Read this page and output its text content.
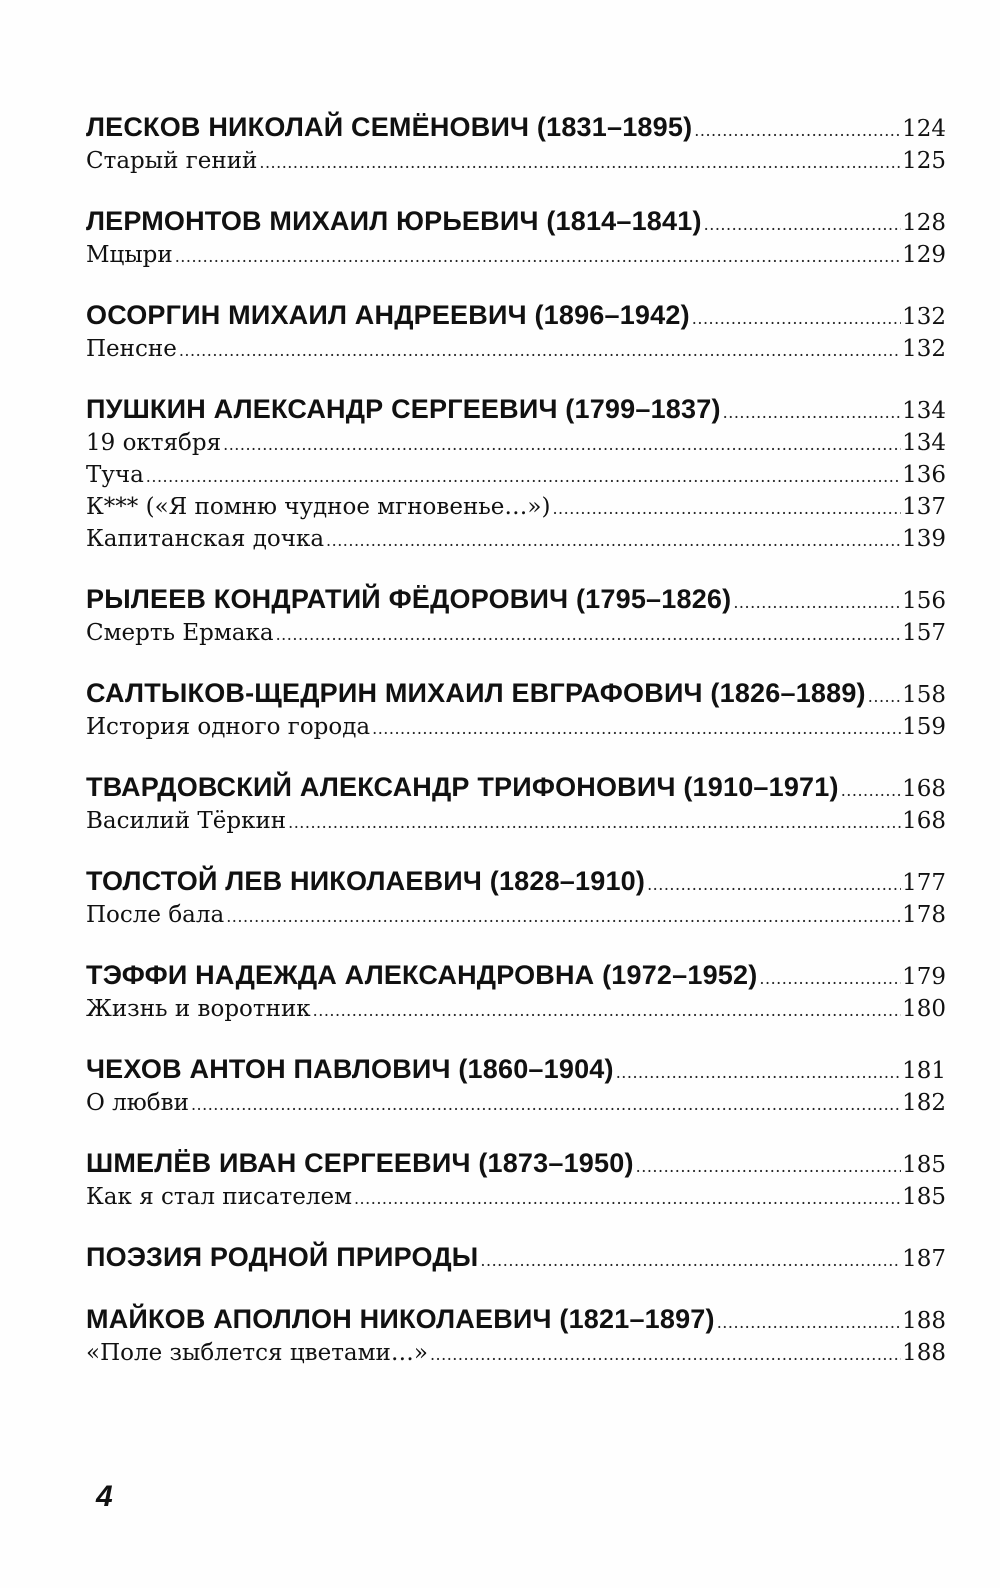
ЛЕСКОВ НИКОЛАЙ СЕМЁНОВИЧ (1831–1895) .....	124
Старый гений .....	125
ЛЕРМОНТОВ МИХАИЛ ЮРЬЕВИЧ (1814–1841) .....	128
Мцыри .....	129
ОСОРГИН МИХАИЛ АНДРЕЕВИЧ (1896–1942) .....	132
Пенсне .....	132
ПУШКИН АЛЕКСАНДР СЕРГЕЕВИЧ (1799–1837) .....	134
19 октября .....	134
Туча .....	136
К*** («Я помню чудное мгновенье…») .....	137
Капитанская дочка .....	139
РЫЛЕЕВ КОНДРАТИЙ ФЁДОРОВИЧ (1795–1826) .....	156
Смерть Ермака .....	157
САЛТЫКОВ-ЩЕДРИН МИХАИЛ ЕВГРАФОВИЧ (1826–1889) ..... 158
История одного города .....	159
ТВАРДОВСКИЙ АЛЕКСАНДР ТРИФОНОВИЧ (1910–1971) .....	168
Василий Тёркин .....	168
ТОЛСТОЙ ЛЕВ НИКОЛАЕВИЧ (1828–1910) .....	177
После бала .....	178
ТЭФФИ НАДЕЖДА АЛЕКСАНДРОВНА (1972–1952) .....	179
Жизнь и воротник .....	180
ЧЕХОВ АНТОН ПАВЛОВИЧ (1860–1904) .....	181
О любви .....	182
ШМЕЛЁВ ИВАН СЕРГЕЕВИЧ (1873–1950) .....	185
Как я стал писателем .....	185
ПОЭЗИЯ РОДНОЙ ПРИРОДЫ .....	187
МАЙКОВ АПОЛЛОН НИКОЛАЕВИЧ (1821–1897) .....	188
«Поле зыблется цветами…» .....	188
4
